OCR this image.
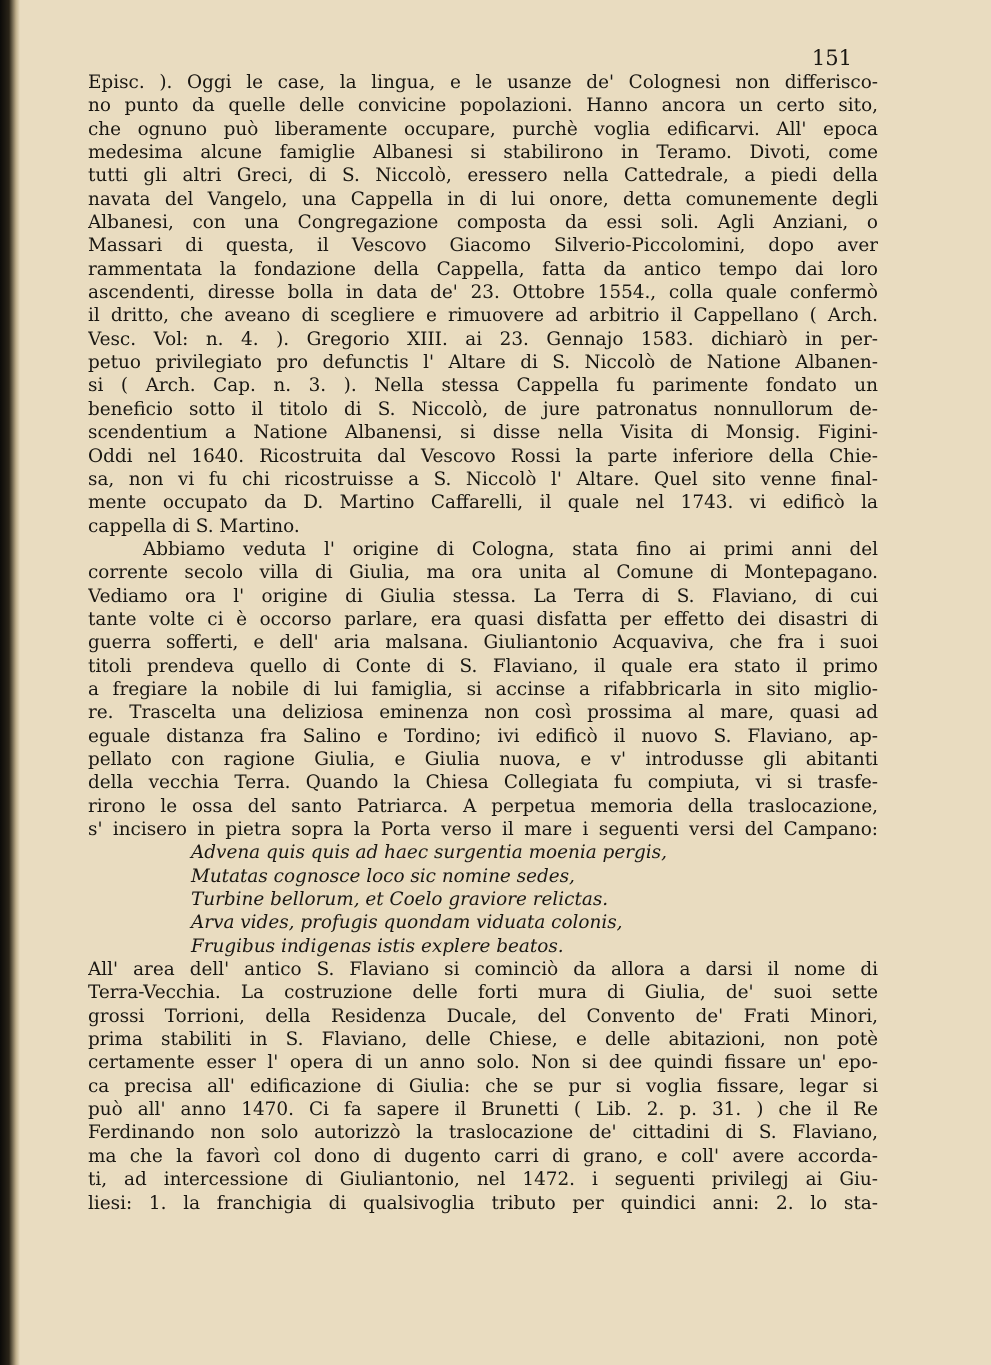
151
Episc. ). Oggi le case, la lingua, e le usanze de' Colognesi non differisco-
no punto da quelle delle convicine popolazioni. Hanno ancora un certo sito,
che ognuno può liberamente occupare, purchè voglia edificarvi. All' epoca
medesima alcune famiglie Albanesi si stabilirono in Teramo. Divoti, come
tutti gli altri Greci, di S. Niccolò, eressero nella Cattedrale, a piedi della
navata del Vangelo, una Cappella in di lui onore, detta comunemente degli
Albanesi, con una Congregazione composta da essi soli. Agli Anziani, o
Massari di questa, il Vescovo Giacomo Silverio-Piccolomini, dopo aver
rammentata la fondazione della Cappella, fatta da antico tempo dai loro
ascendenti, diresse bolla in data de' 23. Ottobre 1554., colla quale confermò
il dritto, che aveano di scegliere e rimuovere ad arbitrio il Cappellano ( Arch.
Vesc. Vol: n. 4. ). Gregorio XIII. ai 23. Gennajo 1583. dichiarò in per-
petuo privilegiato pro defunctis l' Altare di S. Niccolò de Natione Albanen-
si ( Arch. Cap. n. 3. ). Nella stessa Cappella fu parimente fondato un
beneficio sotto il titolo di S. Niccolò, de jure patronatus nonnullorum de-
scendentium a Natione Albanensi, si disse nella Visita di Monsig. Figini-
Oddi nel 1640. Ricostruita dal Vescovo Rossi la parte inferiore della Chie-
sa, non vi fu chi ricostruisse a S. Niccolò l' Altare. Quel sito venne final-
mente occupato da D. Martino Caffarelli, il quale nel 1743. vi edificò la
cappella di S. Martino.
Abbiamo veduta l' origine di Cologna, stata fino ai primi anni del
corrente secolo villa di Giulia, ma ora unita al Comune di Montepagano.
Vediamo ora l' origine di Giulia stessa. La Terra di S. Flaviano, di cui
tante volte ci è occorso parlare, era quasi disfatta per effetto dei disastri di
guerra sofferti, e dell' aria malsana. Giuliantonio Acquaviva, che fra i suoi
titoli prendeva quello di Conte di S. Flaviano, il quale era stato il primo
a fregiare la nobile di lui famiglia, si accinse a rifabbricarla in sito miglio-
re. Trascelta una deliziosa eminenza non così prossima al mare, quasi ad
eguale distanza fra Salino e Tordino; ivi edificò il nuovo S. Flaviano, ap-
pellato con ragione Giulia, e Giulia nuova, e v' introdusse gli abitanti
della vecchia Terra. Quando la Chiesa Collegiata fu compiuta, vi si trasfe-
rirono le ossa del santo Patriarca. A perpetua memoria della traslocazione,
s' incisero in pietra sopra la Porta verso il mare i seguenti versi del Campano:
Advena quis quis ad haec surgentia moenia pergis,
Mutatas cognosce loco sic nomine sedes,
Turbine bellorum, et Coelo graviore relictas.
Arva vides, profugis quondam viduata colonis,
Frugibus indigenas istis explere beatos.
All' area dell' antico S. Flaviano si cominciò da allora a darsi il nome di
Terra-Vecchia. La costruzione delle forti mura di Giulia, de' suoi sette
grossi Torrioni, della Residenza Ducale, del Convento de' Frati Minori,
prima stabiliti in S. Flaviano, delle Chiese, e delle abitazioni, non potè
certamente esser l' opera di un anno solo. Non si dee quindi fissare un' epo-
ca precisa all' edificazione di Giulia: che se pur si voglia fissare, legar si
può all' anno 1470. Ci fa sapere il Brunetti ( Lib. 2. p. 31. ) che il Re
Ferdinando non solo autorizzò la traslocazione de' cittadini di S. Flaviano,
ma che la favorì col dono di dugento carri di grano, e coll' avere accorda-
ti, ad intercessione di Giuliantonio, nel 1472. i seguenti privilegj ai Giu-
liesi: 1. la franchigia di qualsivoglia tributo per quindici anni: 2. lo sta-
